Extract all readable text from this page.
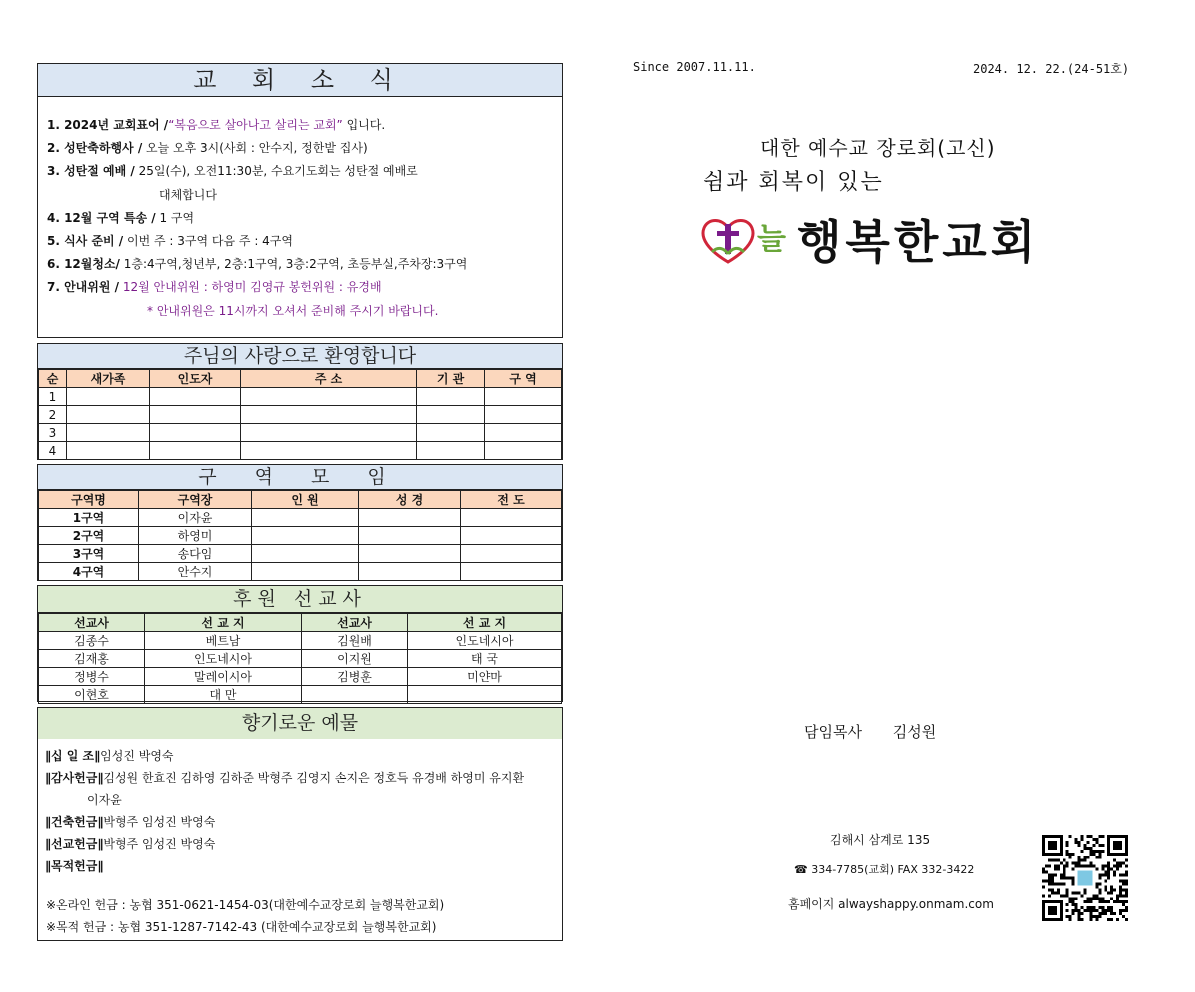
교 회 소 식
1. 2024년 교회표어 /“복음으로 살아나고 살리는 교회” 입니다.
2. 성탄축하행사 / 오늘 오후 3시(사회 : 안수지, 정한밭 집사)
3. 성탄절 예배 / 25일(수), 오전11:30분, 수요기도회는 성탄절 예배로
대체합니다
4. 12월 구역 특송 / 1 구역
5. 식사 준비 / 이번 주 : 3구역 다음 주 : 4구역
6. 12월청소/ 1층:4구역,청년부, 2층:1구역, 3층:2구역, 초등부실,주차장:3구역
7. 안내위원 / 12월 안내위원 : 하영미 김영규 봉헌위원 : 유경배
* 안내위원은 11시까지 오셔서 준비해 주시기 바랍니다.
주님의 사랑으로 환영합니다
순	새가족	인도자	주 소	기 관	구 역
1					
2					
3					
4					
구 역 모 임
구역명	구역장	인 원	성 경	전 도
1구역	이자윤			
2구역	하영미			
3구역	송다임			
4구역	안수지			
후원 선교사
선교사	선 교 지	선교사	선 교 지
김종수	베트남	김원배	인도네시아
김재홍	인도네시아	이지원	태 국
정병수	말레이시아	김병훈	미얀마
이현호	대 만		
향기로운 예물
∥십 일 조∥임성진 박영숙
∥감사헌금∥김성원 한효진 김하영 김하준 박형주 김영지 손지은 정호득 유경배 하영미 유지환
이자윤
∥건축헌금∥박형주 임성진 박영숙
∥선교헌금∥박형주 임성진 박영숙
∥목적헌금∥
※온라인 헌금 : 농협 351-0621-1454-03(대한예수교장로회 늘행복한교회)
※목적 헌금 : 농협 351-1287-7142-43 (대한예수교장로회 늘행복한교회)
Since 2007.11.11.	2024. 12. 22.(24-51호)
대한 예수교 장로회(고신)
쉼과 회복이 있는
늘 행복한교회
담임목사 김성원
김해시 삼계로 135
☎ 334-7785(교회) FAX 332-3422
홈페이지 alwayshappy.onmam.com
